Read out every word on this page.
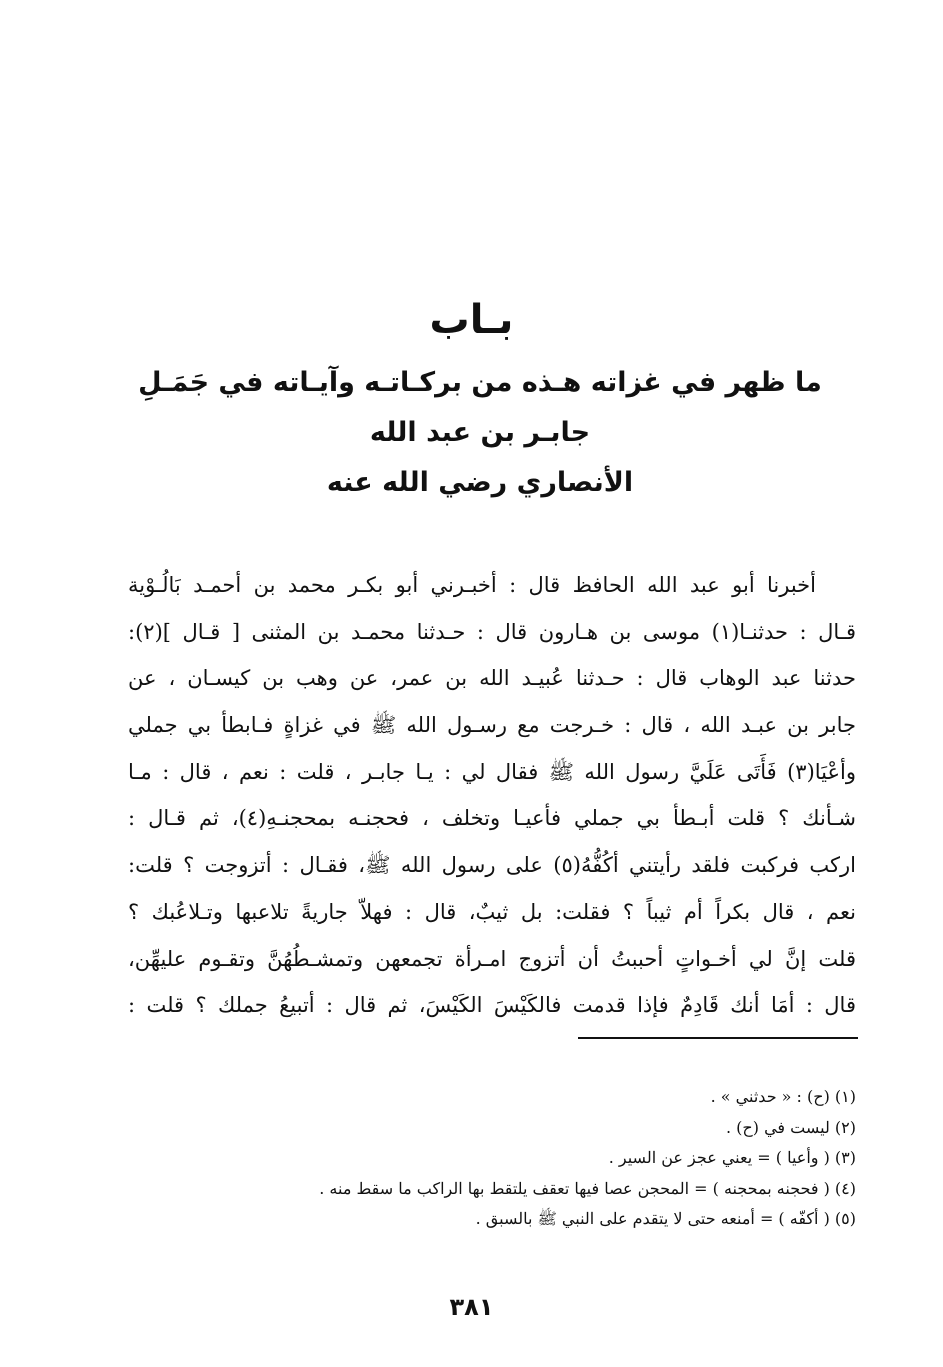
بـاب
ما ظهر في غزاته هـذه من بركـاتـه وآيـاته في جَمَـلِ جابـر بن عبد الله
الأنصاري رضي الله عنه
أخبرنا أبو عبد الله الحافظ قال : أخبـرني أبو بكـر محمد بن أحمـد بَالُـوْية
قـال : حدثنـا(١) موسى بن هـارون قال : حـدثنا محمـد بن المثنى [ قـال ](٢):
حدثنا عبد الوهاب قال : حـدثنا عُبيـد الله بن عمر، عن وهب بن كيسـان ، عن
جابر بن عبـد الله ، قال : خـرجت مع رسـول الله ﷺ في غزاةٍ فـابطأ بي جملي
وأعْيَا(٣) فَأَتَى عَلَيَّ رسول الله ﷺ فقال لي : يـا جابـر ، قلت : نعم ، قال : مـا
شـأنك ؟ قلت أبـطأ بي جملي فأعيـا وتخلف ، فحجنـه بمحجنـهِ(٤)، ثم قـال :
اركب فركبت فلقد رأيتني أكُفُّهُ(٥) على رسول الله ﷺ، فقـال : أتزوجت ؟ قلت:
نعم ، قال بكراً أم ثيباً ؟ فقلت: بل ثيبٌ، قال : فهلاّ جاريةً تلاعبها وتـلاعُبك ؟
قلت إنَّ لي أخـواتٍ أحببتُ أن أتزوج امـرأة تجمعهن وتمشـطُهُنَّ وتقـوم عليهِّن،
قال : أمَا أنك قَادِمٌ فإذا قدمت فالكَيْسَ الكَيْسَ، ثم قال : أتبيعُ جملك ؟ قلت :
(١) (ح) : « حدثني » .
(٢) ليست في (ح) .
(٣) ( وأعيا ) = يعني عجز عن السير .
(٤) ( فحجنه بمحجنه ) = المحجن عصا فيها تعقف يلتقط بها الراكب ما سقط منه .
(٥) ( أكفّه ) = أمنعه حتى لا يتقدم على النبي ﷺ بالسبق .
٣٨١
